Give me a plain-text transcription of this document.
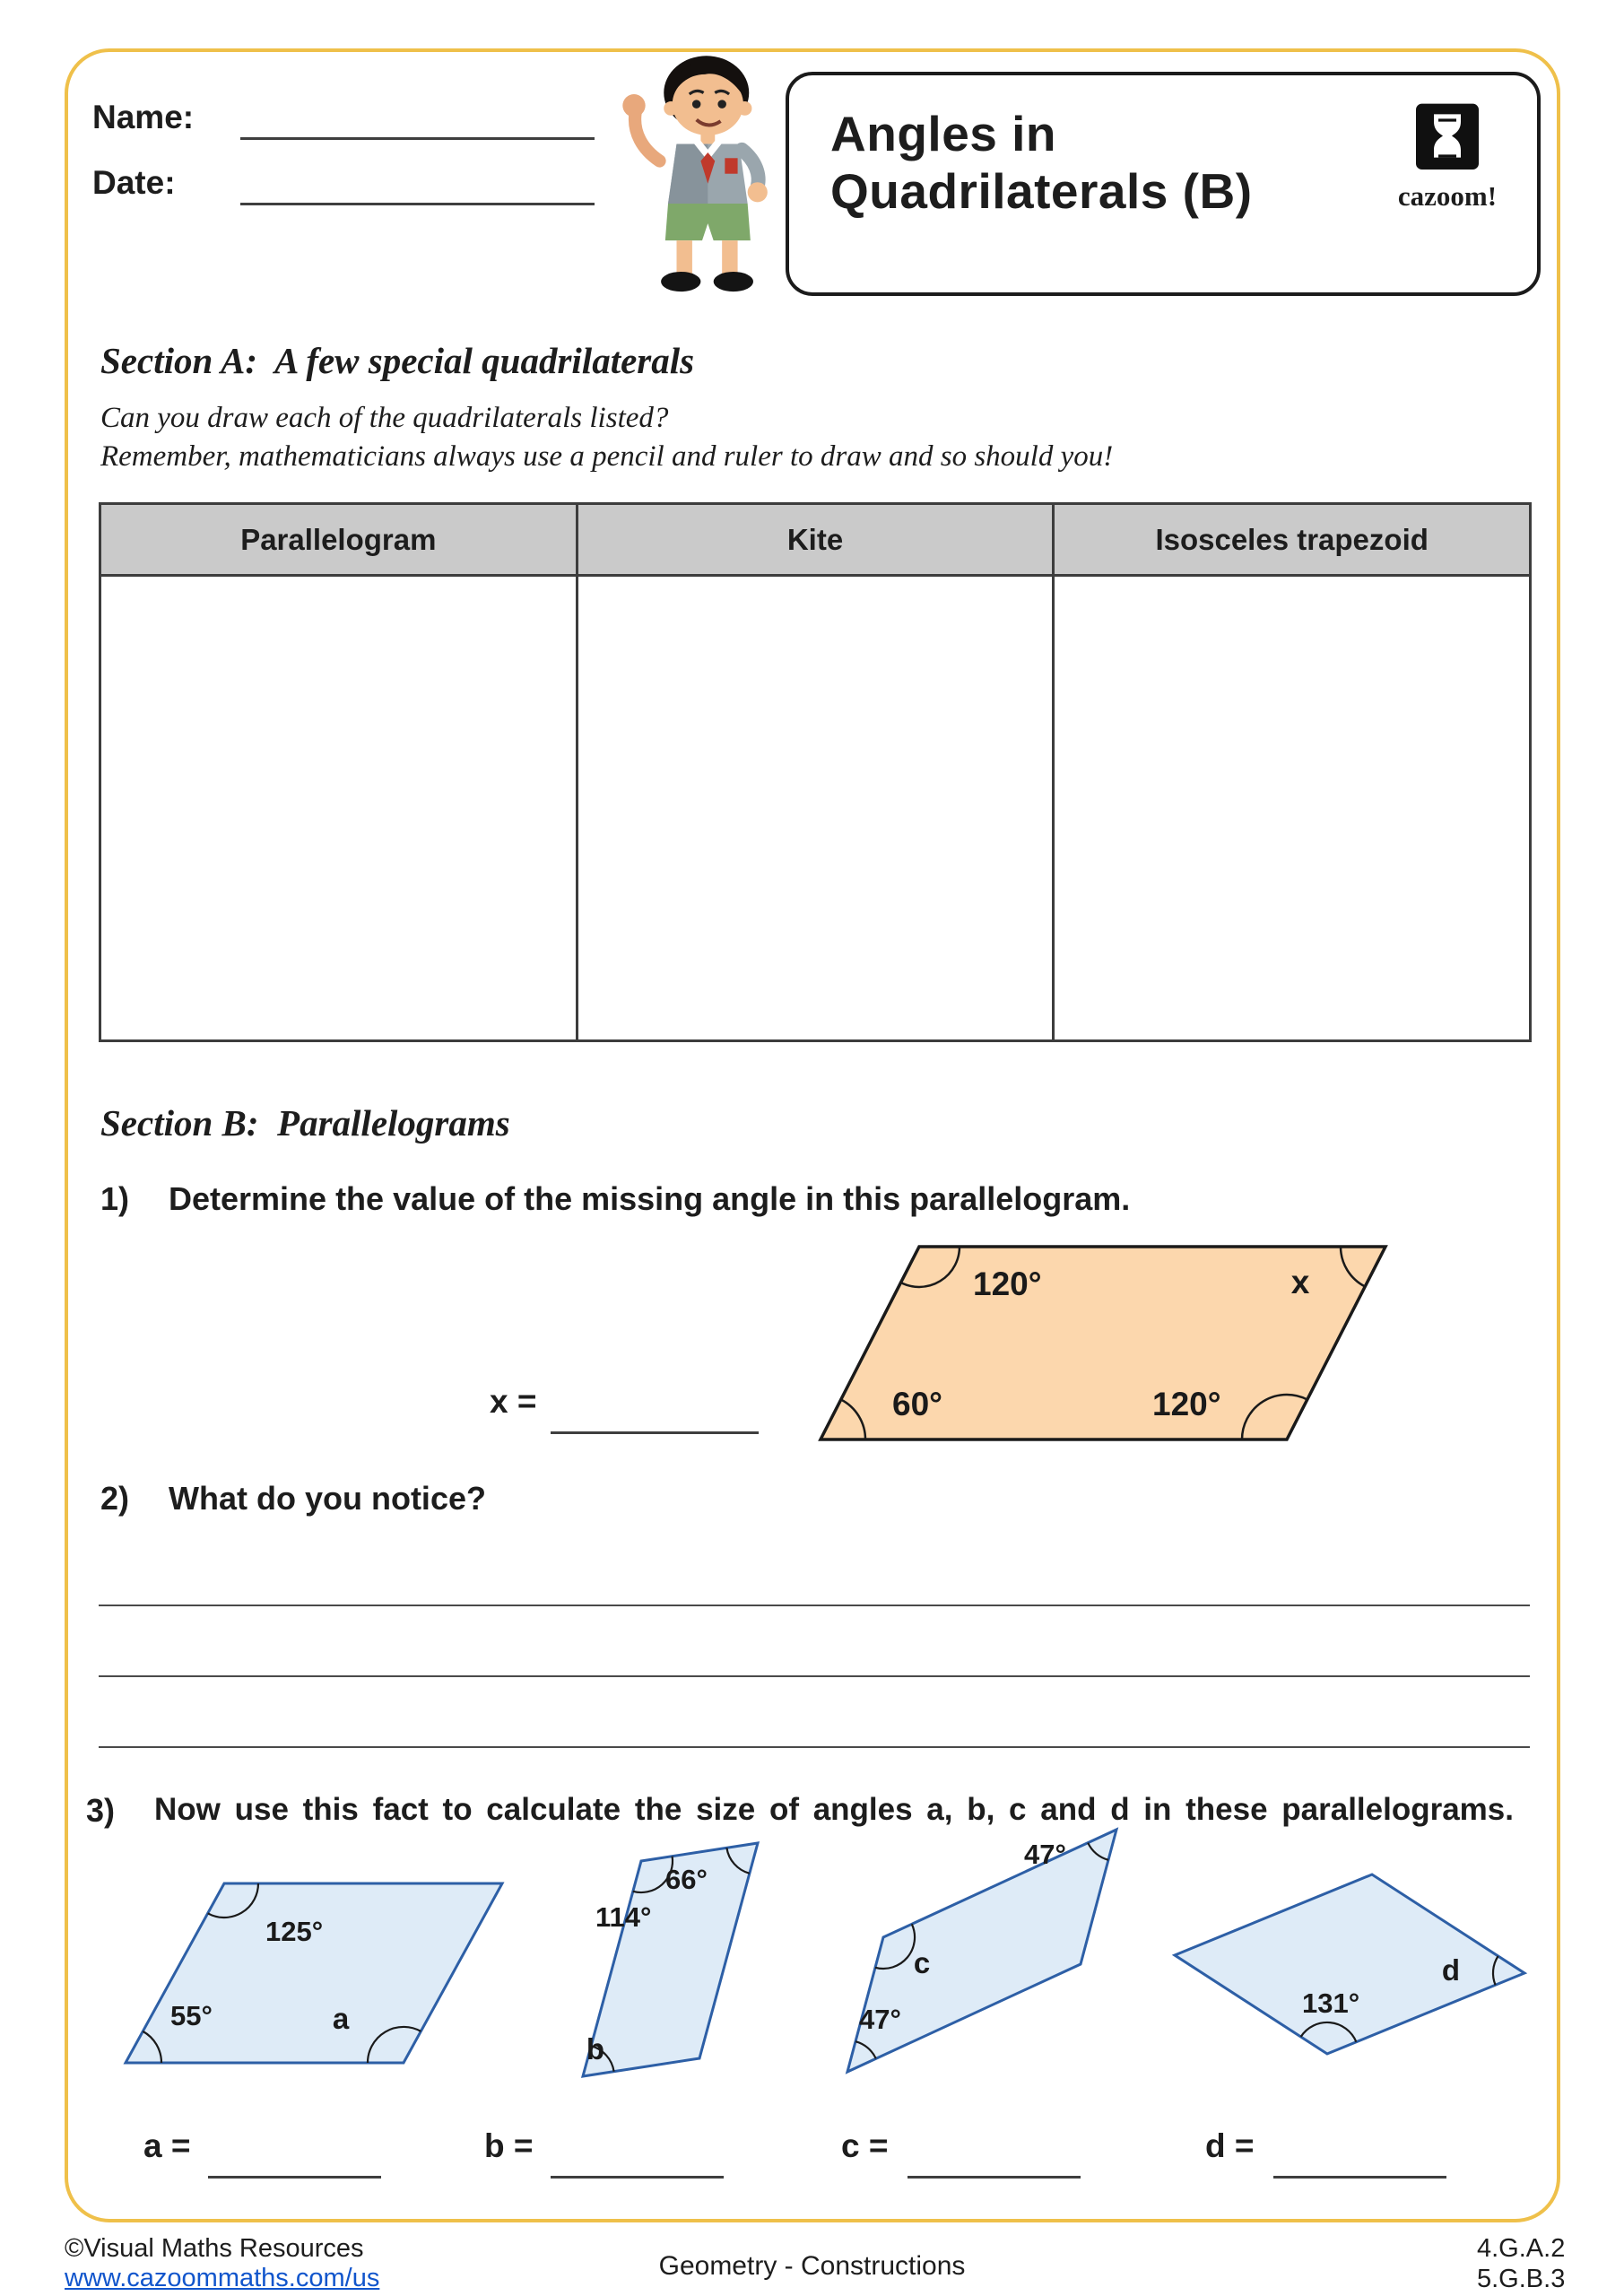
Name:
Date:
Angles in
Quadrilaterals (B)	cazoom!
Section A:  A few special quadrilaterals
Can you draw each of the quadrilaterals listed?
Remember, mathematicians always use a pencil and ruler to draw and so should you!
Parallelogram	Kite	Isosceles trapezoid
Section B:  Parallelograms
1) Determine the value of the missing angle in this parallelogram.
120°	x
60°	120°
x =
2) What do you notice?
3) Now use this fact to calculate the size of angles a, b, c and d in these parallelograms.
125°
55°	a
66°
114°
b
47°
47°
c
131°
d
a =	b =	c =	d =
©Visual Maths Resources
www.cazoommaths.com/us	Geometry - Constructions
4.G.A.2
5.G.B.3
